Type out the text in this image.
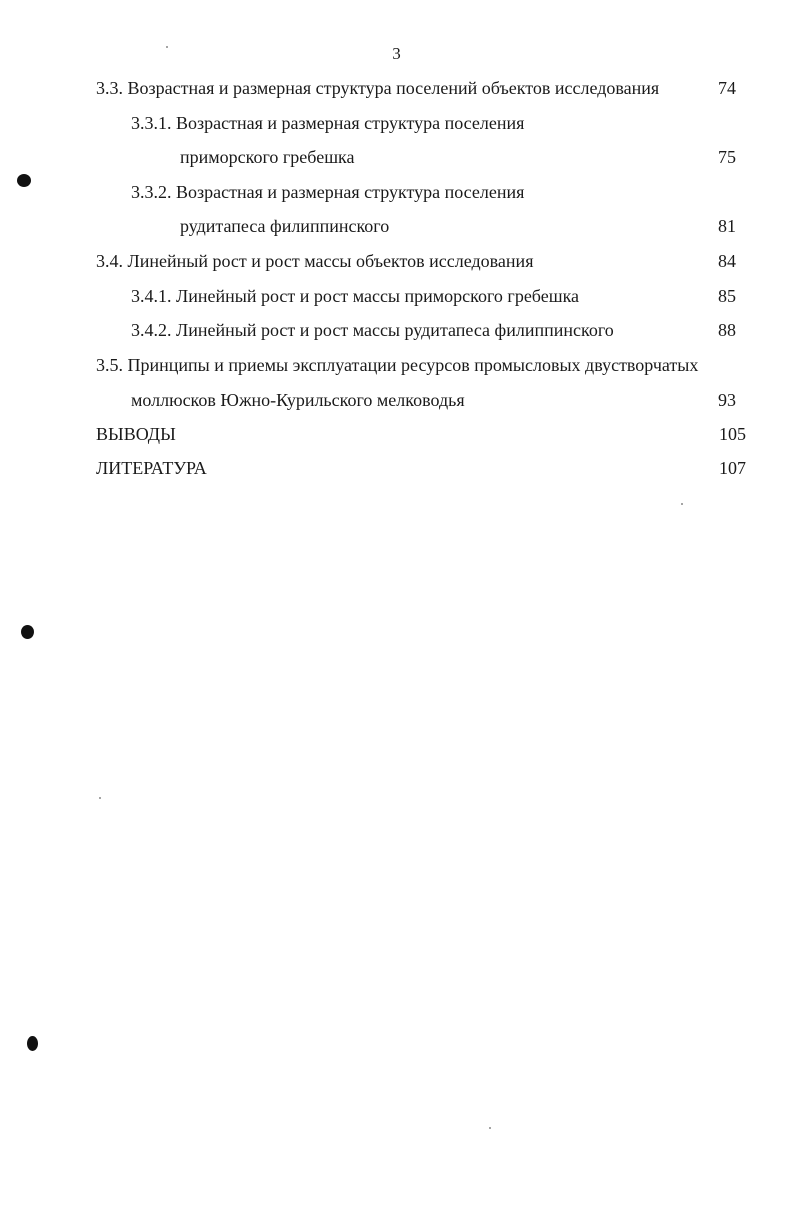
3
3.3. Возрастная и размерная структура поселений объектов исследования	74
3.3.1. Возрастная и размерная структура поселения
приморского гребешка	75
3.3.2. Возрастная и размерная структура поселения
рудитапеса филиппинского	81
3.4. Линейный рост и рост массы объектов исследования	84
3.4.1. Линейный рост и рост массы приморского гребешка	85
3.4.2. Линейный рост и рост массы рудитапеса филиппинского	88
3.5. Принципы и приемы эксплуатации ресурсов промысловых двустворчатых
моллюсков Южно-Курильского мелководья	93
ВЫВОДЫ	105
ЛИТЕРАТУРА	107
